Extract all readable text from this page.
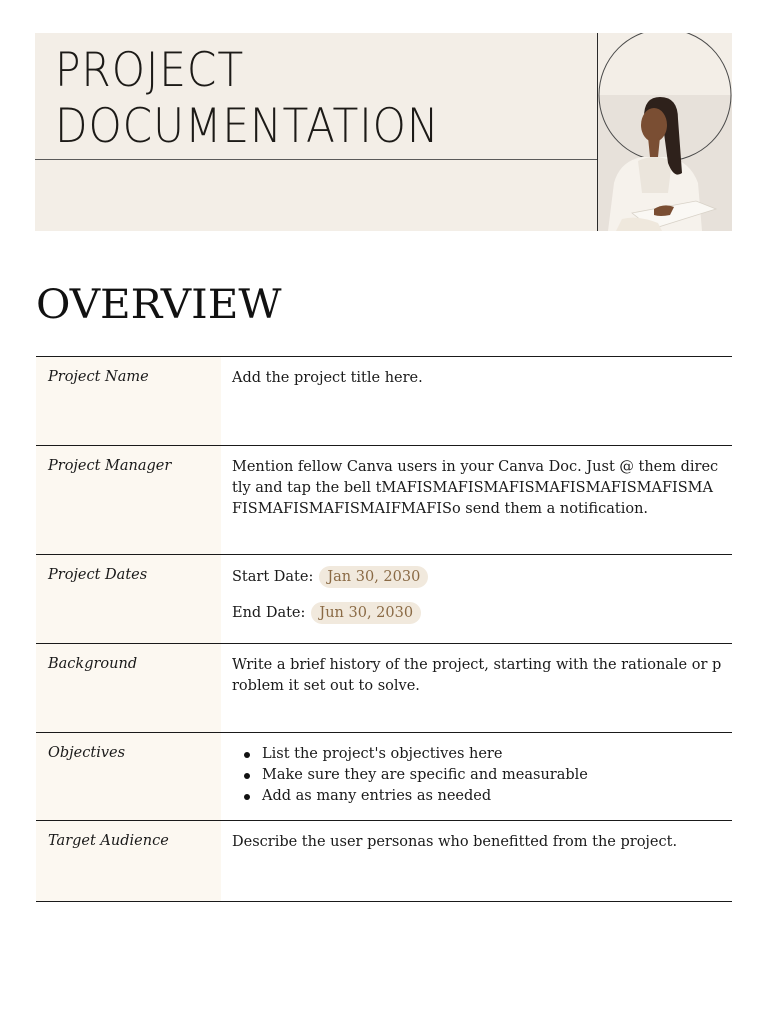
PROJECT
DOCUMENTATION
OVERVIEW
Project Name	Add the project title here.

Project Manager	Mention fellow Canva users in your Canva Doc. Just @ them directly and tap the bell tMAFISMAFISMAFISMAFISMAFISMAFISMAFISMAFISMAFISMAIFMAFISo send them a notification.

Project Dates	Start Date: Jan 30, 2030
End Date: Jun 30, 2030
Background	Write a brief history of the project, starting with the rationale or problem it set out to solve.

Objectives	List the project's objectives here
Make sure they are specific and measurable
Add as many entries as needed
Target Audience	Describe the user personas who benefitted from the project.
